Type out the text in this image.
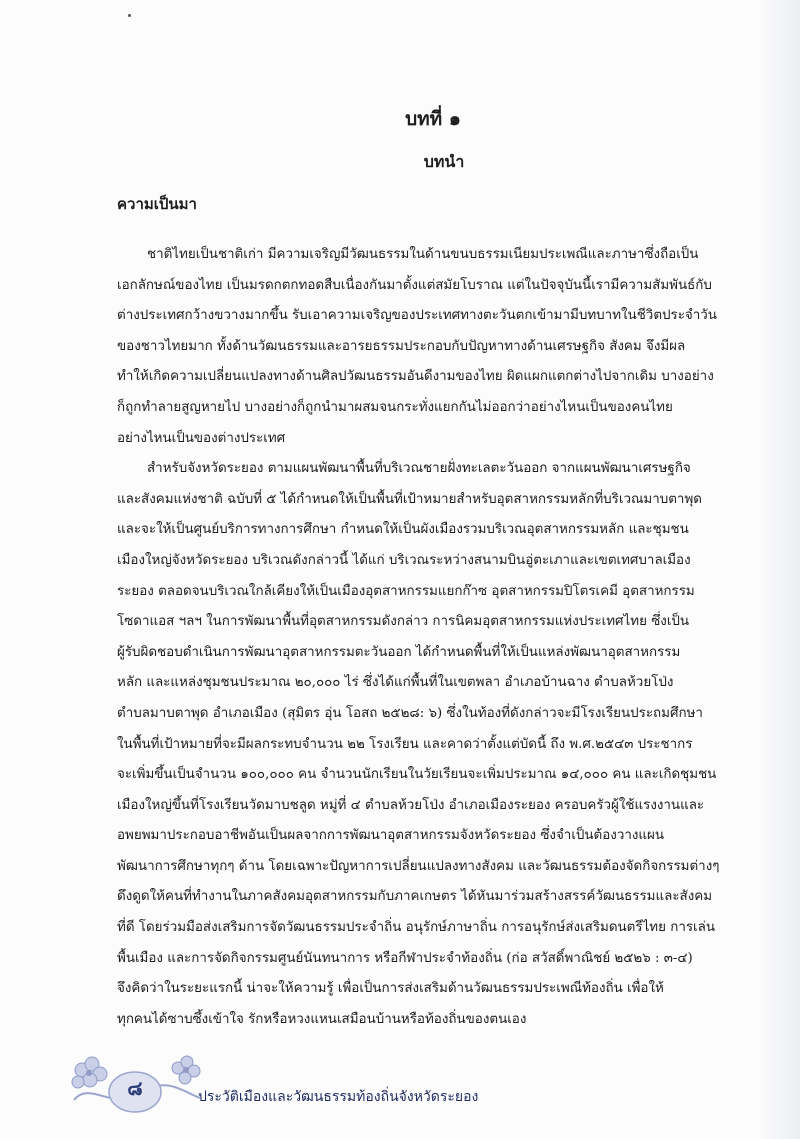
บทที่ ๑
บทนำ
ความเป็นมา
ชาติไทยเป็นชาติเก่า มีความเจริญมีวัฒนธรรมในด้านขนบธรรมเนียมประเพณีและภาษาซึ่งถือเป็น
เอกลักษณ์ของไทย เป็นมรดกตกทอดสืบเนื่องกันมาตั้งแต่สมัยโบราณ แต่ในปัจจุบันนี้เรามีความสัมพันธ์กับ
ต่างประเทศกว้างขวางมากขึ้น รับเอาความเจริญของประเทศทางตะวันตกเข้ามามีบทบาทในชีวิตประจำวัน
ของชาวไทยมาก ทั้งด้านวัฒนธรรมและอารยธรรมประกอบกับปัญหาทางด้านเศรษฐกิจ สังคม จึงมีผล
ทำให้เกิดความเปลี่ยนแปลงทางด้านศิลปวัฒนธรรมอันดีงามของไทย ผิดแผกแตกต่างไปจากเดิม บางอย่าง
ก็ถูกทำลายสูญหายไป บางอย่างก็ถูกนำมาผสมจนกระทั่งแยกกันไม่ออกว่าอย่างไหนเป็นของคนไทย
อย่างไหนเป็นของต่างประเทศ
สำหรับจังหวัดระยอง ตามแผนพัฒนาพื้นที่บริเวณชายฝั่งทะเลตะวันออก จากแผนพัฒนาเศรษฐกิจ
และสังคมแห่งชาติ ฉบับที่ ๕ ได้กำหนดให้เป็นพื้นที่เป้าหมายสำหรับอุตสาหกรรมหลักที่บริเวณมาบตาพุด
และจะให้เป็นศูนย์บริการทางการศึกษา กำหนดให้เป็นผังเมืองรวมบริเวณอุตสาหกรรมหลัก และชุมชน
เมืองใหญ่จังหวัดระยอง บริเวณดังกล่าวนี้ ได้แก่ บริเวณระหว่างสนามบินอู่ตะเภาและเขตเทศบาลเมือง
ระยอง ตลอดจนบริเวณใกล้เคียงให้เป็นเมืองอุตสาหกรรมแยกก๊าซ อุตสาหกรรมปิโตรเคมี อุตสาหกรรม
โซดาแอส ฯลฯ ในการพัฒนาพื้นที่อุตสาหกรรมดังกล่าว การนิคมอุตสาหกรรมแห่งประเทศไทย ซึ่งเป็น
ผู้รับผิดชอบดำเนินการพัฒนาอุตสาหกรรมตะวันออก ได้กำหนดพื้นที่ให้เป็นแหล่งพัฒนาอุตสาหกรรม
หลัก และแหล่งชุมชนประมาณ ๒๐,๐๐๐ ไร่ ซึ่งได้แก่พื้นที่ในเขตพลา อำเภอบ้านฉาง ตำบลห้วยโป่ง
ตำบลมาบตาพุด อำเภอเมือง (สุมิตร อุ่น โอสถ ๒๕๒๘: ๖) ซึ่งในท้องที่ดังกล่าวจะมีโรงเรียนประถมศึกษา
ในพื้นที่เป้าหมายที่จะมีผลกระทบจำนวน ๒๒ โรงเรียน และคาดว่าตั้งแต่บัดนี้ ถึง พ.ศ.๒๕๔๓ ประชากร
จะเพิ่มขึ้นเป็นจำนวน ๑๐๐,๐๐๐ คน จำนวนนักเรียนในวัยเรียนจะเพิ่มประมาณ ๑๔,๐๐๐ คน และเกิดชุมชน
เมืองใหญ่ขึ้นที่โรงเรียนวัดมาบชลูด หมู่ที่ ๔ ตำบลห้วยโป่ง อำเภอเมืองระยอง ครอบครัวผู้ใช้แรงงานและ
อพยพมาประกอบอาชีพอันเป็นผลจากการพัฒนาอุตสาหกรรมจังหวัดระยอง ซึ่งจำเป็นต้องวางแผน
พัฒนาการศึกษาทุกๆ ด้าน โดยเฉพาะปัญหาการเปลี่ยนแปลงทางสังคม และวัฒนธรรมต้องจัดกิจกรรมต่างๆ
ดึงดูดให้คนที่ทำงานในภาคสังคมอุตสาหกรรมกับภาคเกษตร ได้หันมาร่วมสร้างสรรค์วัฒนธรรมและสังคม
ที่ดี โดยร่วมมือส่งเสริมการจัดวัฒนธรรมประจำถิ่น อนุรักษ์ภาษาถิ่น การอนุรักษ์ส่งเสริมดนตรีไทย การเล่น
พื้นเมือง และการจัดกิจกรรมศูนย์นันทนาการ หรือกีฬาประจำท้องถิ่น (ก่อ สวัสดิ์พาณิชย์ ๒๕๒๖ : ๓-๔)
จึงคิดว่าในระยะแรกนี้ น่าจะให้ความรู้ เพื่อเป็นการส่งเสริมด้านวัฒนธรรมประเพณีท้องถิ่น เพื่อให้
ทุกคนได้ซาบซึ้งเข้าใจ รักหรือหวงแหนเสมือนบ้านหรือท้องถิ่นของตนเอง
๘	ประวัติเมืองและวัฒนธรรมท้องถิ่นจังหวัดระยอง
